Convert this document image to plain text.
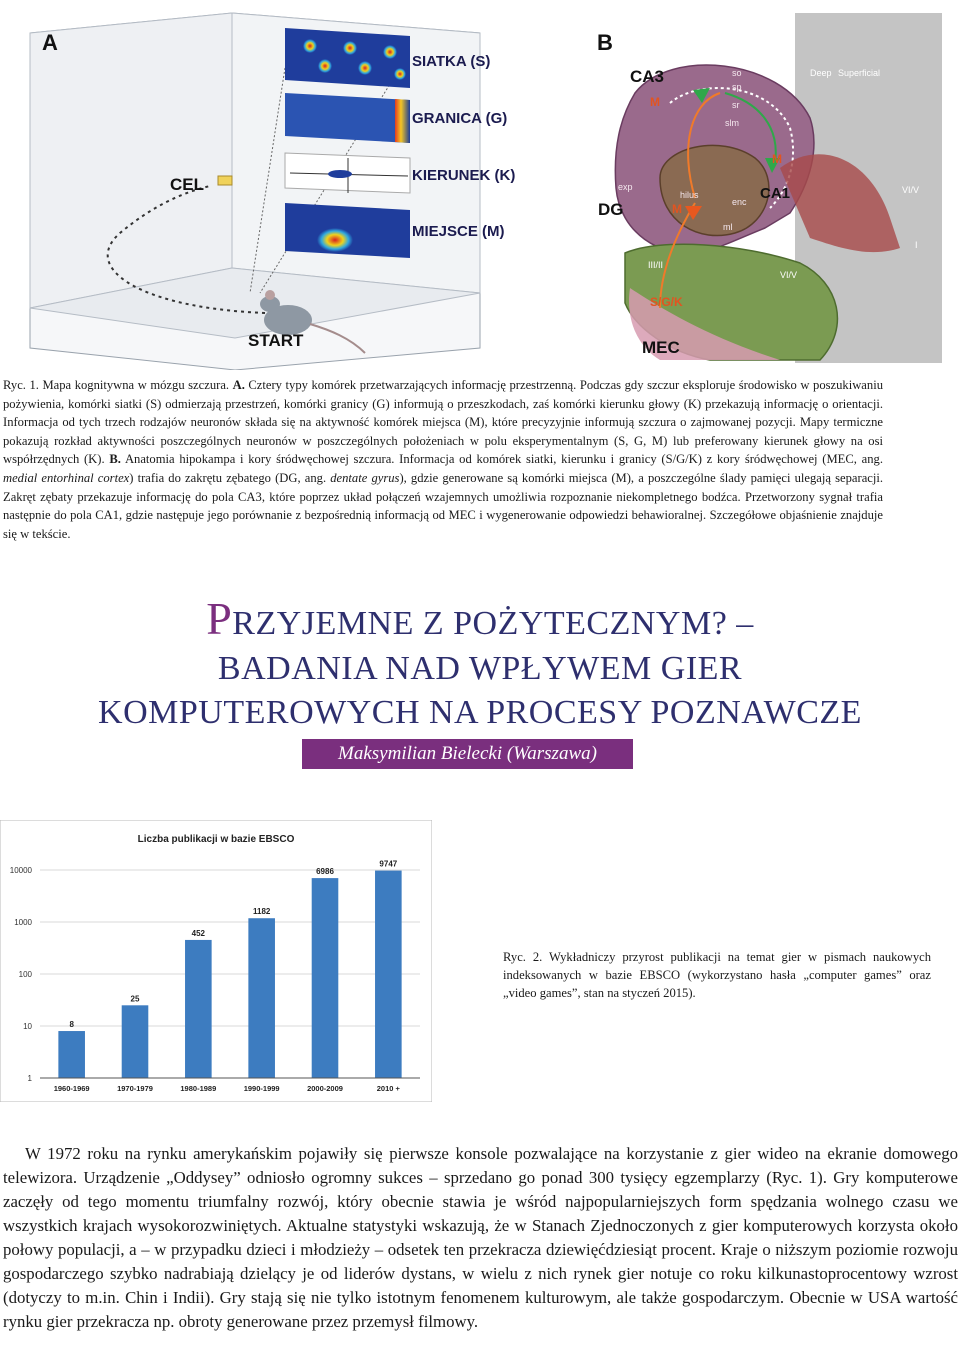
CEL
START
A
SIATKA (S)
GRANICA (G)
KIERUNEK (K)
MIEJSCE (M)
B
Deep Superficial
CA3
DG
CA1
MEC
S/G/K
M
M
M
so
sp
sr
slm
hilus
exp
ml
enc
VI/V
VI/V
III/II
I

Ryc. 1. Mapa kognitywna w mózgu szczura. A. Cztery typy komórek przetwarzających informację przestrzenną. Podczas gdy szczur eksploruje środowisko w poszukiwaniu pożywienia, komórki siatki (S) odmierzają przestrzeń, komórki granicy (G) informują o przeszkodach, zaś komórki kierunku głowy (K) przekazują informację o orientacji. Informacja od tych trzech rodzajów neuronów składa się na aktywność komórek miejsca (M), które precyzyjnie informują szczura o zajmowanej pozycji. Mapy termiczne pokazują rozkład aktywności poszczególnych neuronów w poszczególnych położeniach w polu eksperymentalnym (S, G, M) lub preferowany kierunek głowy na osi współrzędnych (K). B. Anatomia hipokampa i kory śródwęchowej szczura. Informacja od komórek siatki, kierunku i granicy (S/G/K) z kory śródwęchowej (MEC, ang. medial entorhinal cortex) trafia do zakrętu zębatego (DG, ang. dentate gyrus), gdzie generowane są komórki miejsca (M), a poszczególne ślady pamięci ulegają separacji. Zakręt zębaty przekazuje informację do pola CA3, które poprzez układ połączeń wzajemnych umożliwia rozpoznanie niekompletnego bodźca. Przetworzony sygnał trafia następnie do pola CA1, gdzie następuje jego porównanie z bezpośrednią informacją od MEC i wygenerowanie odpowiedzi behawioralnej. Szczegółowe objaśnienie znajduje się w tekście.

PRZYJEMNE Z POŻYTECZNYM? –
BADANIA NAD WPŁYWEM GIER
KOMPUTEROWYCH NA PROCESY POZNAWCZE
Maksymilian Bielecki (Warszawa)
Liczba publikacji w bazie EBSCO
1
10
100
1000
10000
8
25
452
1182
6986
9747
1960-1969	1970-1979	1980-1989	1990-1999	2000-2009	2010 +

Ryc. 2. Wykładniczy przyrost publikacji na temat gier w pismach naukowych indeksowanych w bazie EBSCO (wykorzystano hasła „computer games” oraz „video games”, stan na styczeń 2015).

W 1972 roku na rynku amerykańskim pojawiły się pierwsze konsole pozwalające na korzystanie z gier wideo na ekranie domowego telewizora. Urządzenie „Oddysey” odniosło ogromny sukces – sprzedano go ponad 300 tysięcy egzemplarzy (Ryc. 1). Gry komputerowe zaczęły od tego momentu triumfalny rozwój, który obecnie stawia je wśród najpopularniejszych form spędzania wolnego czasu we wszystkich krajach wysokorozwiniętych. Aktualne statystyki wskazują, że w Stanach Zjednoczonych z gier komputerowych korzysta około połowy populacji, a – w przypadku dzieci i młodzieży – odsetek ten przekracza dziewięćdziesiąt procent. Kraje o niższym poziomie rozwoju gospodarczego szybko nadrabiają dzielący je od liderów dystans, w wielu z nich rynek gier notuje co roku kilkunastoprocentowy wzrost (dotyczy to m.in. Chin i Indii). Gry stają się nie tylko istotnym fenomenem kulturowym, ale także gospodarczym. Obecnie w USA wartość rynku gier przekracza np. obroty generowane przez przemysł filmowy.
